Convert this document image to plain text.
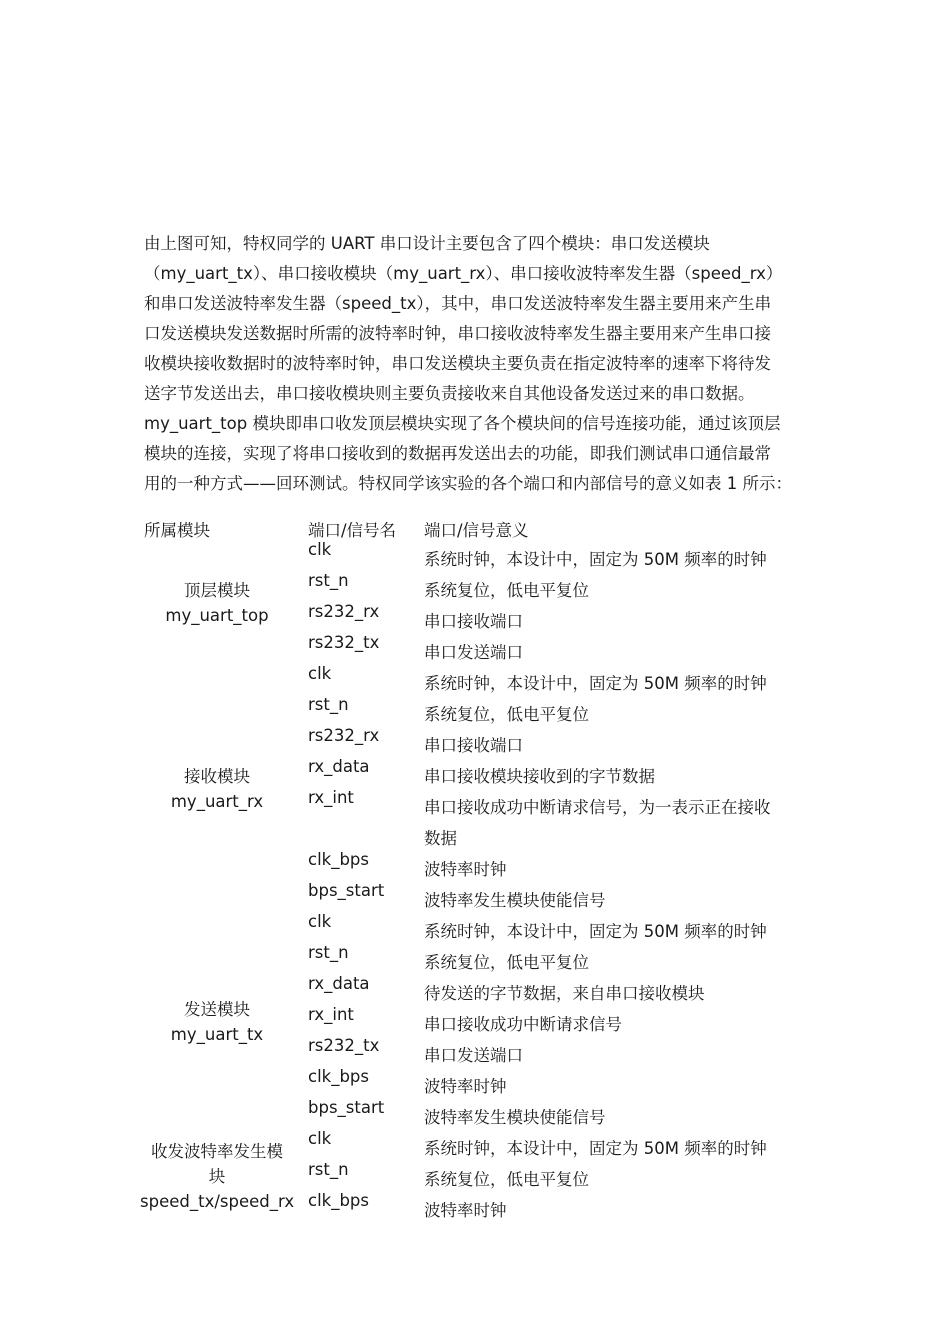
由上图可知，特权同学的 UART 串口设计主要包含了四个模块：串口发送模块
（my_uart_tx）、串口接收模块（my_uart_rx）、串口接收波特率发生器（speed_rx）
和串口发送波特率发生器（speed_tx），其中，串口发送波特率发生器主要用来产生串
口发送模块发送数据时所需的波特率时钟，串口接收波特率发生器主要用来产生串口接
收模块接收数据时的波特率时钟，串口发送模块主要负责在指定波特率的速率下将待发
送字节发送出去，串口接收模块则主要负责接收来自其他设备发送过来的串口数据。
my_uart_top 模块即串口收发顶层模块实现了各个模块间的信号连接功能，通过该顶层
模块的连接，实现了将串口接收到的数据再发送出去的功能，即我们测试串口通信最常
用的一种方式——回环测试。特权同学该实验的各个端口和内部信号的意义如表 1 所示：
所属模块	端口/信号名 端口/信号意义
clk
系统时钟，本设计中，固定为 50M 频率的时钟
rst_n
系统复位，低电平复位
rs232_rx
串口接收端口
rs232_tx
串口发送端口
顶层模块
my_uart_top
clk
系统时钟，本设计中，固定为 50M 频率的时钟
rst_n
系统复位，低电平复位
rs232_rx
串口接收端口
rx_data
串口接收模块接收到的字节数据
rx_int
串口接收成功中断请求信号，为一表示正在接收
数据
clk_bps
波特率时钟
bps_start
波特率发生模块使能信号
接收模块
my_uart_rx
clk
系统时钟，本设计中，固定为 50M 频率的时钟
rst_n
系统复位，低电平复位
rx_data
待发送的字节数据，来自串口接收模块
rx_int
串口接收成功中断请求信号
rs232_tx
串口发送端口
clk_bps
波特率时钟
bps_start
波特率发生模块使能信号
发送模块
my_uart_tx
clk
系统时钟，本设计中，固定为 50M 频率的时钟
rst_n
系统复位，低电平复位
clk_bps
波特率时钟
收发波特率发生模
块
speed_tx/speed_rx
